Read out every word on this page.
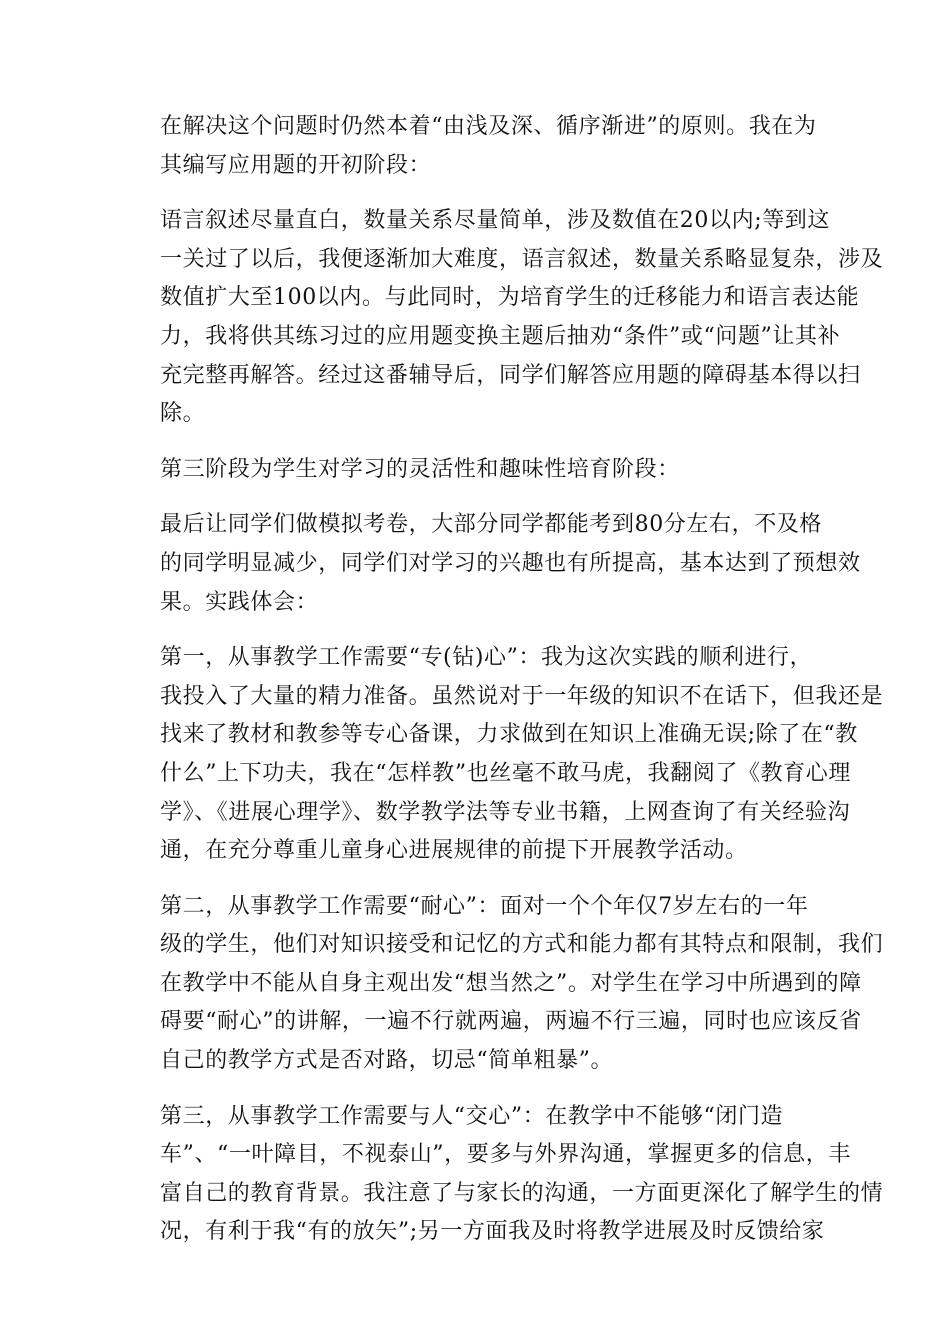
在解决这个问题时仍然本着“由浅及深、循序渐进”的原则。我在为
其编写应用题的开初阶段：

语言叙述尽量直白，数量关系尽量简单，涉及数值在20以内;等到这
一关过了以后，我便逐渐加大难度，语言叙述，数量关系略显复杂，涉及
数值扩大至100以内。与此同时，为培育学生的迁移能力和语言表达能
力，我将供其练习过的应用题变换主题后抽劝“条件”或“问题”让其补
充完整再解答。经过这番辅导后，同学们解答应用题的障碍基本得以扫
除。

第三阶段为学生对学习的灵活性和趣味性培育阶段：

最后让同学们做模拟考卷，大部分同学都能考到80分左右，不及格
的同学明显减少，同学们对学习的兴趣也有所提高，基本达到了预想效
果。实践体会：

第一，从事教学工作需要“专(钻)心”：我为这次实践的顺利进行，
我投入了大量的精力准备。虽然说对于一年级的知识不在话下，但我还是
找来了教材和教参等专心备课，力求做到在知识上准确无误;除了在“教
什么”上下功夫，我在“怎样教”也丝毫不敢马虎，我翻阅了《教育心理
学》、《进展心理学》、数学教学法等专业书籍，上网查询了有关经验沟
通，在充分尊重儿童身心进展规律的前提下开展教学活动。

第二，从事教学工作需要“耐心”：面对一个个年仅7岁左右的一年
级的学生，他们对知识接受和记忆的方式和能力都有其特点和限制，我们
在教学中不能从自身主观出发“想当然之”。对学生在学习中所遇到的障
碍要“耐心”的讲解，一遍不行就两遍，两遍不行三遍，同时也应该反省
自己的教学方式是否对路，切忌“简单粗暴”。

第三，从事教学工作需要与人“交心”：在教学中不能够“闭门造
车”、“一叶障目，不视泰山”，要多与外界沟通，掌握更多的信息，丰
富自己的教育背景。我注意了与家长的沟通，一方面更深化了解学生的情
况，有利于我“有的放矢”;另一方面我及时将教学进展及时反馈给家
